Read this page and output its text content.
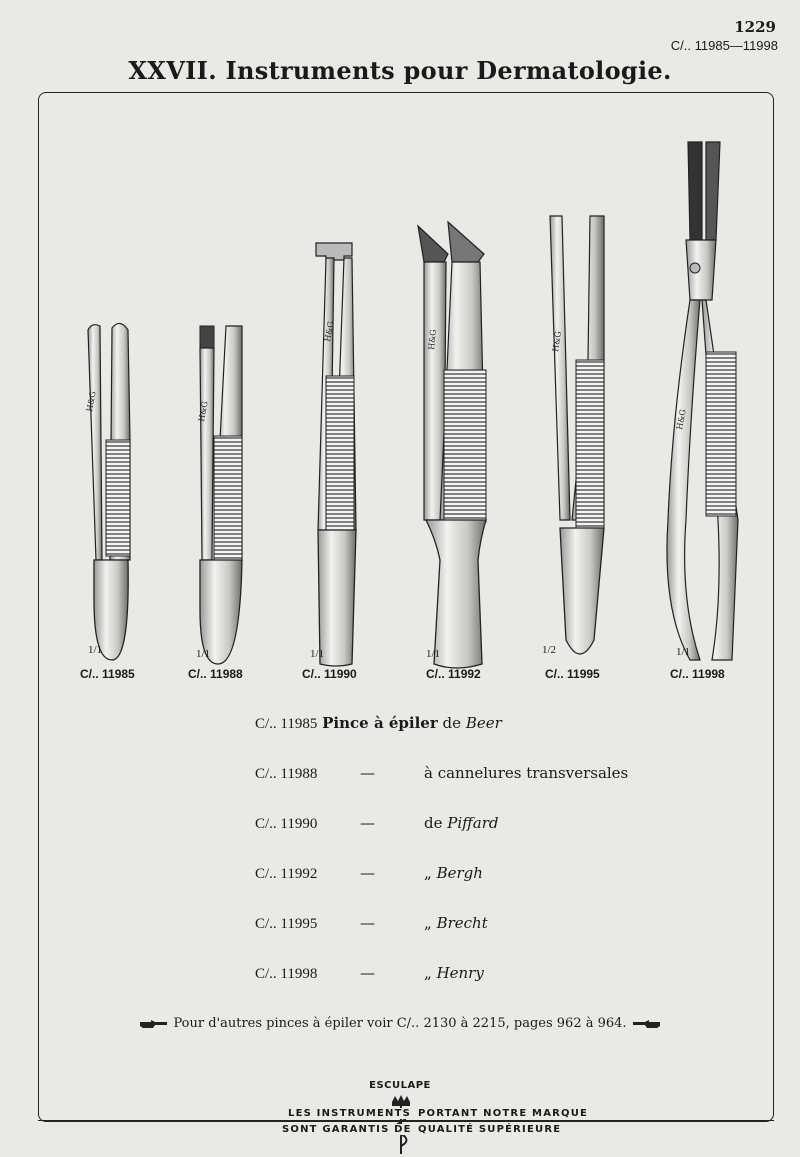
1229
C/.. 11985—11998
XXVII. Instruments pour Dermatologie.
H&G	H&G
H&G	H&G	H&G
H&G
1/1
C/.. 11985
1/1
C/.. 11988
1/1
C/.. 11990
1/1
C/.. 11992
1/2
C/.. 11995
1/1
C/.. 11998
C/.. 11985 Pince à épiler de Beer
C/.. 11988	—	à cannelures transversales
C/.. 11990	—	de Piffard
C/.. 11992	—	„ Bergh
C/.. 11995	—	„ Brecht
C/.. 11998	—	„ Henry
Pour d'autres pinces à épiler voir C/.. 2130 à 2215, pages 962 à 964.
ESCULAPE
LES INSTRUMENTS PORTANT NOTRE MARQUE
SONT GARANTIS DE QUALITÉ SUPÉRIEURE
